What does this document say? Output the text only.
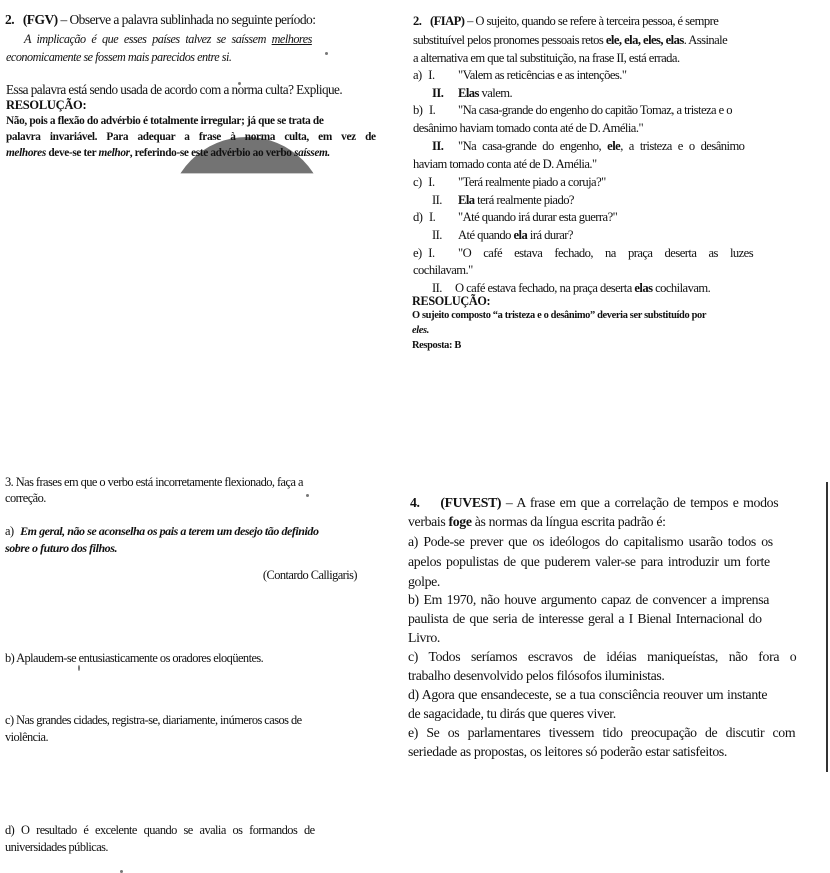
2. (FGV) – Observe a palavra sublinhada no seguinte período:
A implicação é que esses países talvez se saíssem melhores
economicamente se fossem mais parecidos entre si.
Essa palavra está sendo usada de acordo com a norma culta? Explique.
RESOLUÇÃO:
Não, pois a flexão do advérbio é totalmente irregular; já que se trata de
palavra invariável. Para adequar a frase à norma culta, em vez de
melhores deve-se ter melhor, referindo-se este advérbio ao verbo saíssem.
2. (FIAP) – O sujeito, quando se refere à terceira pessoa, é sempre
substituível pelos pronomes pessoais retos ele, ela, eles, elas. Assinale
a alternativa em que tal substituição, na frase II, está errada.
a) I. "Valem as reticências e as intenções."
II. Elas valem.
b) I. "Na casa-grande do engenho do capitão Tomaz, a tristeza e o
desânimo haviam tomado conta até de D. Amélia."
II. "Na casa-grande do engenho, ele, a tristeza e o desânimo
haviam tomado conta até de D. Amélia."
c) I. "Terá realmente piado a coruja?"
II. Ela terá realmente piado?
d) I. "Até quando irá durar esta guerra?"
II. Até quando ela irá durar?
e) I. "O café estava fechado, na praça deserta as luzes
cochilavam."
II. O café estava fechado, na praça deserta elas cochilavam.
RESOLUÇÃO:
O sujeito composto “a tristeza e o desânimo” deveria ser substituído por
eles.
Resposta: B
3. Nas frases em que o verbo está incorretamente flexionado, faça a
correção.
a) Em geral, não se aconselha os pais a terem um desejo tão definido
sobre o futuro dos filhos.
(Contardo Calligaris)
b) Aplaudem-se entusiasticamente os oradores eloqüentes.
c) Nas grandes cidades, registra-se, diariamente, inúmeros casos de
violência.
d) O resultado é excelente quando se avalia os formandos de
universidades públicas.
4. (FUVEST) – A frase em que a correlação de tempos e modos
verbais foge às normas da língua escrita padrão é:
a) Pode-se prever que os ideólogos do capitalismo usarão todos os
apelos populistas de que puderem valer-se para introduzir um forte
golpe.
b) Em 1970, não houve argumento capaz de convencer a imprensa
paulista de que seria de interesse geral a I Bienal Internacional do
Livro.
c) Todos seríamos escravos de idéias maniqueístas, não fora o
trabalho desenvolvido pelos filósofos iluministas.
d) Agora que ensandeceste, se a tua consciência reouver um instante
de sagacidade, tu dirás que queres viver.
e) Se os parlamentares tivessem tido preocupação de discutir com
seriedade as propostas, os leitores só poderão estar satisfeitos.
